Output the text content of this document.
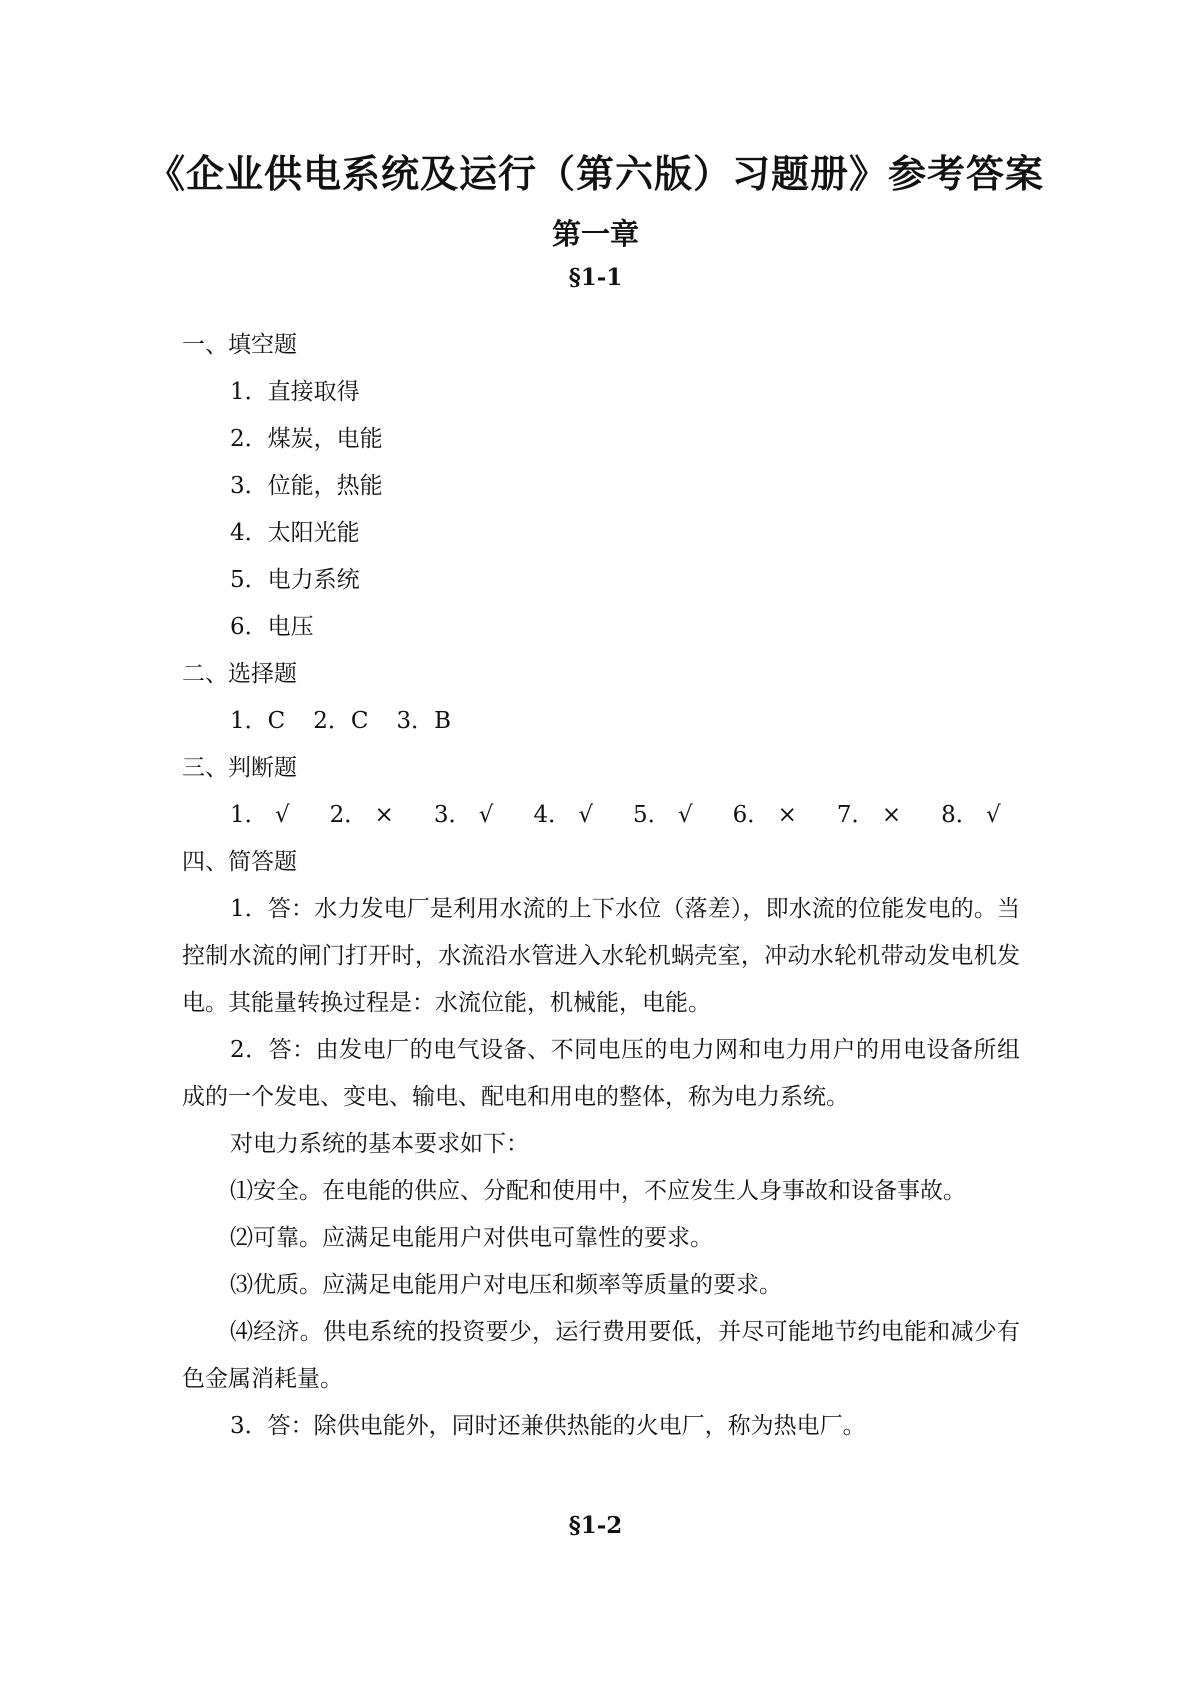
《企业供电系统及运行（第六版）习题册》参考答案
第一章
§1-1

一、填空题

1．直接取得

2．煤炭，电能

3．位能，热能

4．太阳光能

5．电力系统

6．电压

二、选择题

1．C 2．C 3．B

三、判断题

1． √ 2． × 3． √ 4． √ 5． √ 6． × 7． × 8． √

四、简答题

1．答：水力发电厂是利用水流的上下水位（落差），即水流的位能发电的。当控制水流的闸门打开时，水流沿水管进入水轮机蜗壳室，冲动水轮机带动发电机发电。其能量转换过程是：水流位能，机械能，电能。

2．答：由发电厂的电气设备、不同电压的电力网和电力用户的用电设备所组成的一个发电、变电、输电、配电和用电的整体，称为电力系统。

对电力系统的基本要求如下：

⑴安全。在电能的供应、分配和使用中，不应发生人身事故和设备事故。

⑵可靠。应满足电能用户对供电可靠性的要求。

⑶优质。应满足电能用户对电压和频率等质量的要求。

⑷经济。供电系统的投资要少，运行费用要低，并尽可能地节约电能和减少有色金属消耗量。

3．答：除供电能外，同时还兼供热能的火电厂，称为热电厂。

§1-2
